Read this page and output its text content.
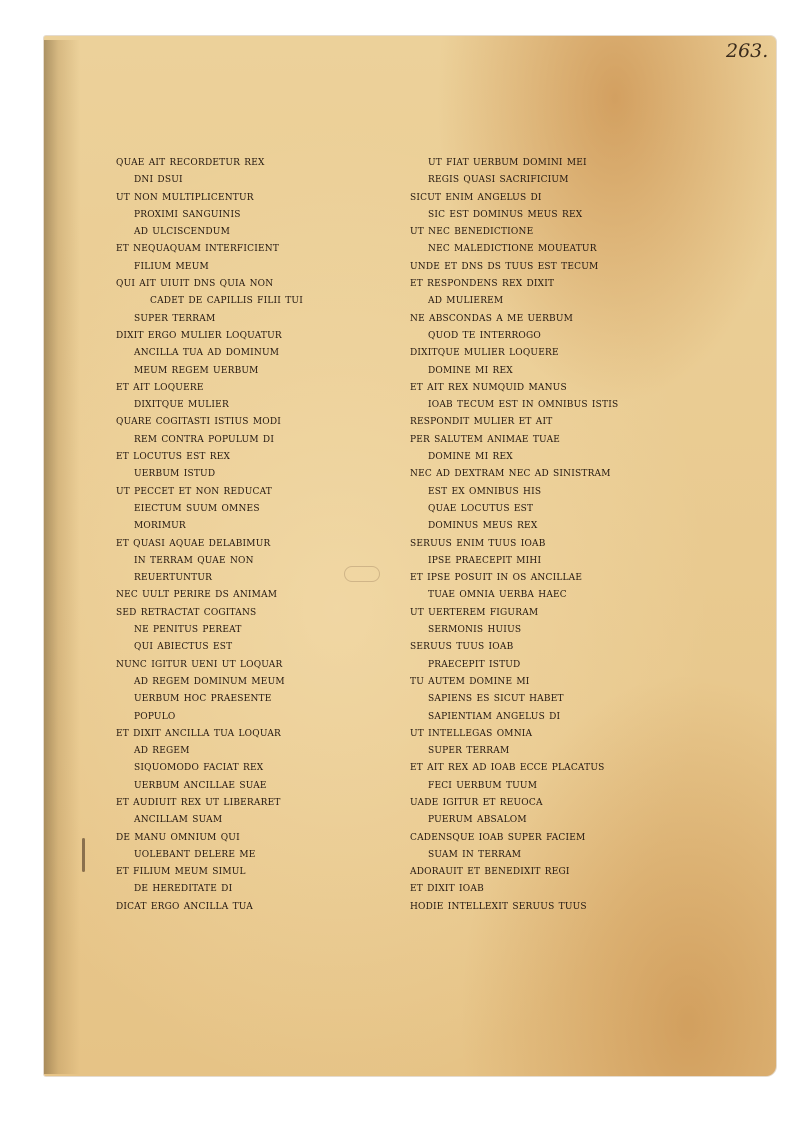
263.
quae ait recordetur rex
dni dsui
ut non multiplicentur
proximi sanguinis
ad ulciscendum
et nequaquam interficient
filium meum
qui ait uiuit dns quia non
cadet de capillis filii tui
super terram
dixit ergo mulier loquatur
ancilla tua ad dominum
meum regem uerbum
et ait loquere
dixitque mulier
quare cogitasti istius modi
rem contra populum di
et locutus est rex
uerbum istud
ut peccet et non reducat
eiectum suum omnes
morimur
et quasi aquae delabimur
in terram quae non
reuertuntur
nec uult perire ds animam
sed retractat cogitans
ne penitus pereat
qui abiectus est
nunc igitur ueni ut loquar
ad regem dominum meum
uerbum hoc praesente
populo
et dixit ancilla tua loquar
ad regem
siquomodo faciat rex
uerbum ancillae suae
et audiuit rex ut liberaret
ancillam suam
de manu omnium qui
uolebant delere me
et filium meum simul
de hereditate di
dicat ergo ancilla tua
ut fiat uerbum domini mei
regis quasi sacrificium
sicut enim angelus di
sic est dominus meus rex
ut nec benedictione
nec maledictione moueatur
unde et dns ds tuus est tecum
et respondens rex dixit
ad mulierem
ne abscondas a me uerbum
quod te interrogo
dixitque mulier loquere
domine mi rex
et ait rex numquid manus
ioab tecum est in omnibus istis
respondit mulier et ait
per salutem animae tuae
domine mi rex
nec ad dextram nec ad sinistram
est ex omnibus his
quae locutus est
dominus meus rex
seruus enim tuus ioab
ipse praecepit mihi
et ipse posuit in os ancillae
tuae omnia uerba haec
ut uerterem figuram
sermonis huius
seruus tuus ioab
praecepit istud
tu autem domine mi
sapiens es sicut habet
sapientiam angelus di
ut intellegas omnia
super terram
et ait rex ad ioab ecce placatus
feci uerbum tuum
uade igitur et reuoca
puerum absalom
cadensque ioab super faciem
suam in terram
adorauit et benedixit regi
et dixit ioab
hodie intellexit seruus tuus
